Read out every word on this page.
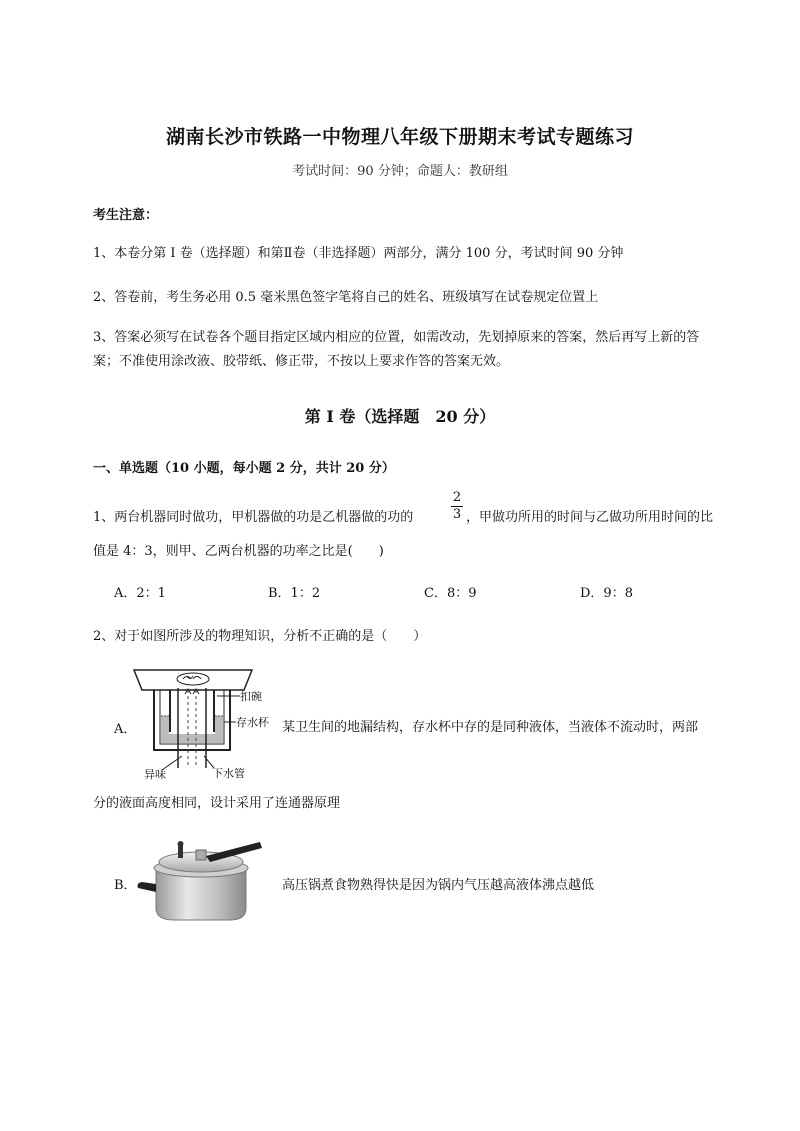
湖南长沙市铁路一中物理八年级下册期末考试专题练习
考试时间：90 分钟；命题人：教研组
考生注意：
1、本卷分第 I 卷（选择题）和第Ⅱ卷（非选择题）两部分，满分 100 分，考试时间 90 分钟
2、答卷前，考生务必用 0.5 毫米黑色签字笔将自己的姓名、班级填写在试卷规定位置上
3、答案必须写在试卷各个题目指定区域内相应的位置，如需改动，先划掉原来的答案，然后再写上新的答案；不准使用涂改液、胶带纸、修正带，不按以上要求作答的答案无效。
第 I 卷（选择题　20 分）
一、单选题（10 小题，每小题 2 分，共计 20 分）
1、两台机器同时做功，甲机器做的功是乙机器做的功的
2
3 ，甲做功所用的时间与乙做功所用时间的比
值是 4：3，则甲、乙两台机器的功率之比是(　　)
A．2：1	B．1：2	C．8：9	D．9：8
2、对于如图所涉及的物理知识，分析不正确的是（　　）
A．
扣碗
存水杯
异味	下水管
某卫生间的地漏结构，存水杯中存的是同种液体，当液体不流动时，两部
分的液面高度相同，设计采用了连通器原理
B．	高压锅煮食物熟得快是因为锅内气压越高液体沸点越低
